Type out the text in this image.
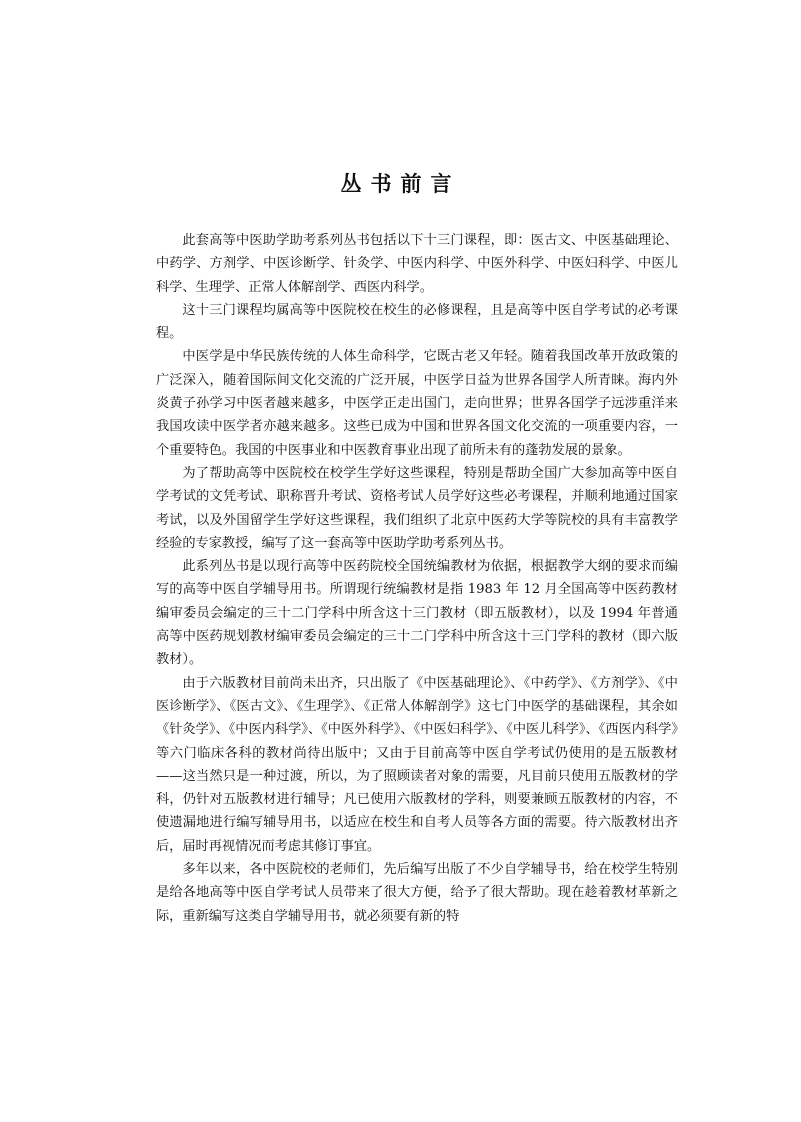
丛书前言

此套高等中医助学助考系列丛书包括以下十三门课程，即：医古文、中医基础理论、中药学、方剂学、中医诊断学、针灸学、中医内科学、中医外科学、中医妇科学、中医儿科学、生理学、正常人体解剖学、西医内科学。

这十三门课程均属高等中医院校在校生的必修课程，且是高等中医自学考试的必考课程。

中医学是中华民族传统的人体生命科学，它既古老又年轻。随着我国改革开放政策的广泛深入，随着国际间文化交流的广泛开展，中医学日益为世界各国学人所青睐。海内外炎黄子孙学习中医者越来越多，中医学正走出国门，走向世界；世界各国学子远涉重洋来我国攻读中医学者亦越来越多。这些已成为中国和世界各国文化交流的一项重要内容，一个重要特色。我国的中医事业和中医教育事业出现了前所未有的蓬勃发展的景象。

为了帮助高等中医院校在校学生学好这些课程，特别是帮助全国广大参加高等中医自学考试的文凭考试、职称晋升考试、资格考试人员学好这些必考课程，并顺利地通过国家考试，以及外国留学生学好这些课程，我们组织了北京中医药大学等院校的具有丰富教学经验的专家教授，编写了这一套高等中医助学助考系列丛书。

此系列丛书是以现行高等中医药院校全国统编教材为依据，根据教学大纲的要求而编写的高等中医自学辅导用书。所谓现行统编教材是指 1983 年 12 月全国高等中医药教材编审委员会编定的三十二门学科中所含这十三门教材（即五版教材），以及 1994 年普通高等中医药规划教材编审委员会编定的三十二门学科中所含这十三门学科的教材（即六版教材）。

由于六版教材目前尚未出齐，只出版了《中医基础理论》、《中药学》、《方剂学》、《中医诊断学》、《医古文》、《生理学》、《正常人体解剖学》这七门中医学的基础课程，其余如《针灸学》、《中医内科学》、《中医外科学》、《中医妇科学》、《中医儿科学》、《西医内科学》等六门临床各科的教材尚待出版中；又由于目前高等中医自学考试仍使用的是五版教材——这当然只是一种过渡，所以，为了照顾读者对象的需要，凡目前只使用五版教材的学科，仍针对五版教材进行辅导；凡已使用六版教材的学科，则要兼顾五版教材的内容，不使遗漏地进行编写辅导用书，以适应在校生和自考人员等各方面的需要。待六版教材出齐后，届时再视情况而考虑其修订事宜。

多年以来，各中医院校的老师们，先后编写出版了不少自学辅导书，给在校学生特别是给各地高等中医自学考试人员带来了很大方便，给予了很大帮助。现在趁着教材革新之际，重新编写这类自学辅导用书，就必须要有新的特
